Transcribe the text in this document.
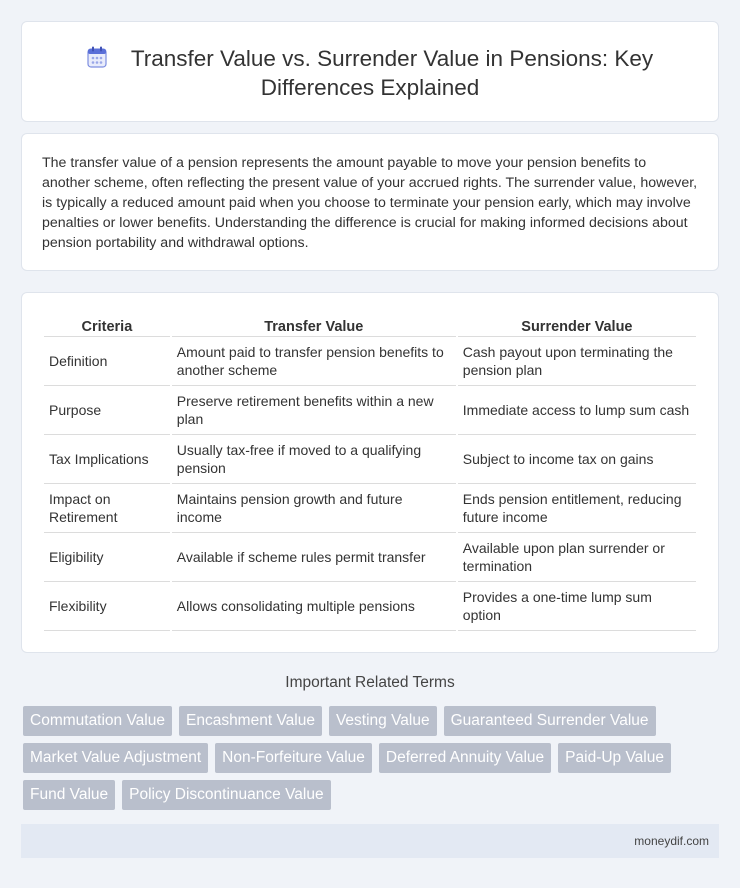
Transfer Value vs. Surrender Value in Pensions: Key Differences Explained

The transfer value of a pension represents the amount payable to move your pension benefits to another scheme, often reflecting the present value of your accrued rights. The surrender value, however, is typically a reduced amount paid when you choose to terminate your pension early, which may involve penalties or lower benefits. Understanding the difference is crucial for making informed decisions about pension portability and withdrawal options.

Criteria	Transfer Value	Surrender Value
Definition	Amount paid to transfer pension benefits to another scheme	Cash payout upon terminating the pension plan
Purpose	Preserve retirement benefits within a new plan	Immediate access to lump sum cash
Tax Implications	Usually tax-free if moved to a qualifying pension	Subject to income tax on gains
Impact on Retirement	Maintains pension growth and future income	Ends pension entitlement, reducing future income
Eligibility	Available if scheme rules permit transfer	Available upon plan surrender or termination
Flexibility	Allows consolidating multiple pensions	Provides a one-time lump sum option
Important Related Terms
Commutation Value	Encashment Value	Vesting Value	Guaranteed Surrender Value
Market Value Adjustment	Non-Forfeiture Value	Deferred Annuity Value	Paid-Up Value
Fund Value	Policy Discontinuance Value
moneydif.com
